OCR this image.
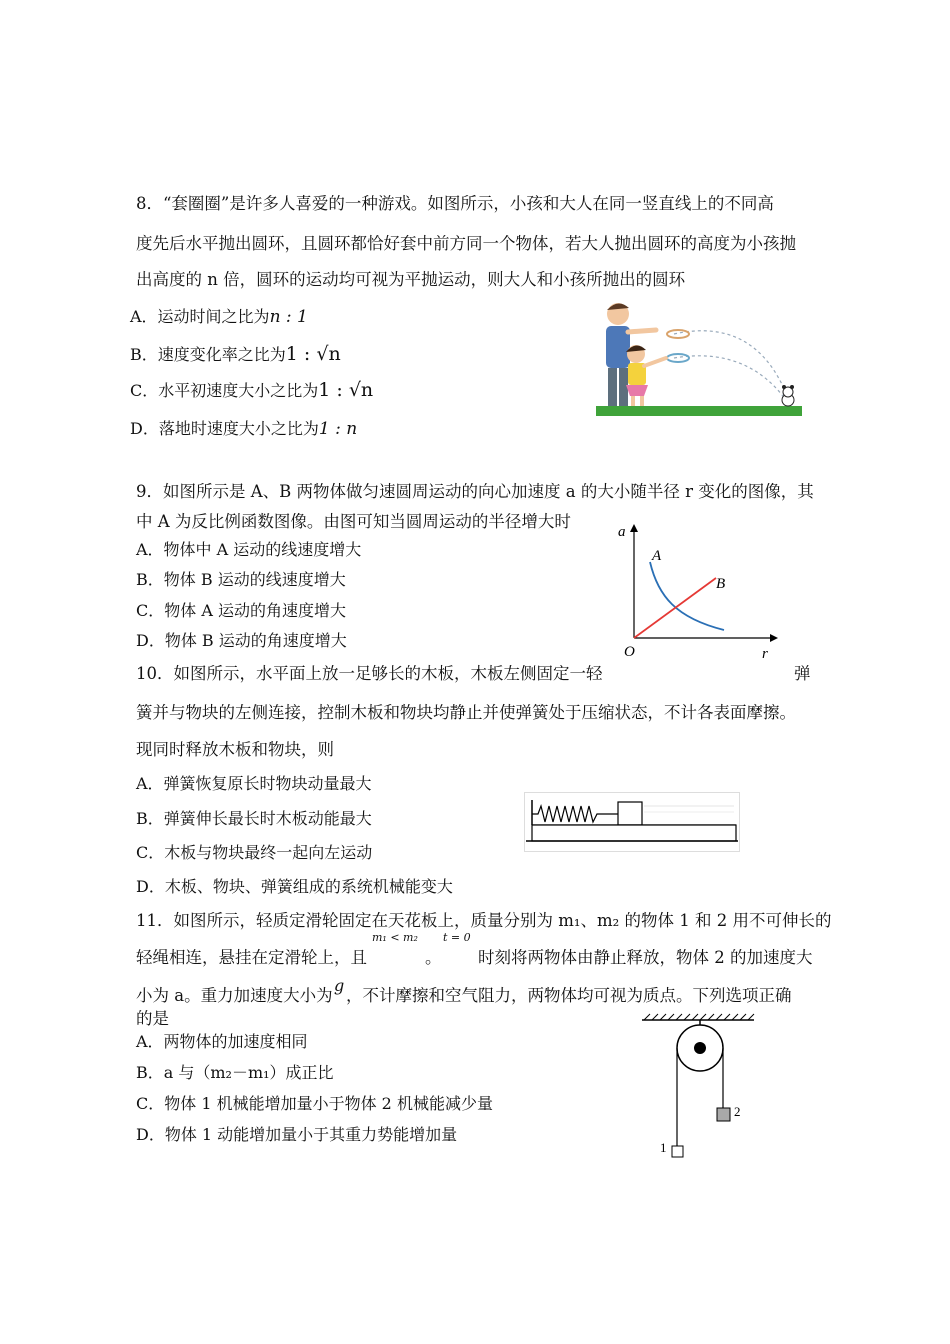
8．“套圈圈”是许多人喜爱的一种游戏。如图所示，小孩和大人在同一竖直线上的不同高
度先后水平抛出圆环，且圆环都恰好套中前方同一个物体，若大人抛出圆环的高度为小孩抛
出高度的 n 倍，圆环的运动均可视为平抛运动，则大人和小孩所抛出的圆环
A．运动时间之比为n : 1
B．速度变化率之比为1 : √n
C．水平初速度大小之比为1 : √n
D．落地时速度大小之比为1 : n
9．如图所示是 A、B 两物体做匀速圆周运动的向心加速度 a 的大小随半径 r 变化的图像，其
中 A 为反比例函数图像。由图可知当圆周运动的半径增大时
A．物体中 A 运动的线速度增大
B．物体 B 运动的线速度增大
C．物体 A 运动的角速度增大
D．物体 B 运动的角速度增大
a
r
O
A
B
10．如图所示，水平面上放一足够长的木板，木板左侧固定一轻	弹
簧并与物块的左侧连接，控制木板和物块均静止并使弹簧处于压缩状态，不计各表面摩擦。
现同时释放木板和物块，则
A．弹簧恢复原长时物块动量最大
B．弹簧伸长最长时木板动能最大
C．木板与物块最终一起向左运动
D．木板、物块、弹簧组成的系统机械能变大
11．如图所示，轻质定滑轮固定在天花板上，质量分别为 m₁、m₂ 的物体 1 和 2 用不可伸长的
轻绳相连，悬挂在定滑轮上，且
m₁ < m₂
。
t = 0
时刻将两物体由静止释放，物体 2 的加速度大
小为 a。重力加速度大小为
g
，不计摩擦和空气阻力，两物体均可视为质点。下列选项正确
的是
A．两物体的加速度相同
B．a 与（m₂－m₁）成正比
C．物体 1 机械能增加量小于物体 2 机械能减少量
D．物体 1 动能增加量小于其重力势能增加量
1
2
